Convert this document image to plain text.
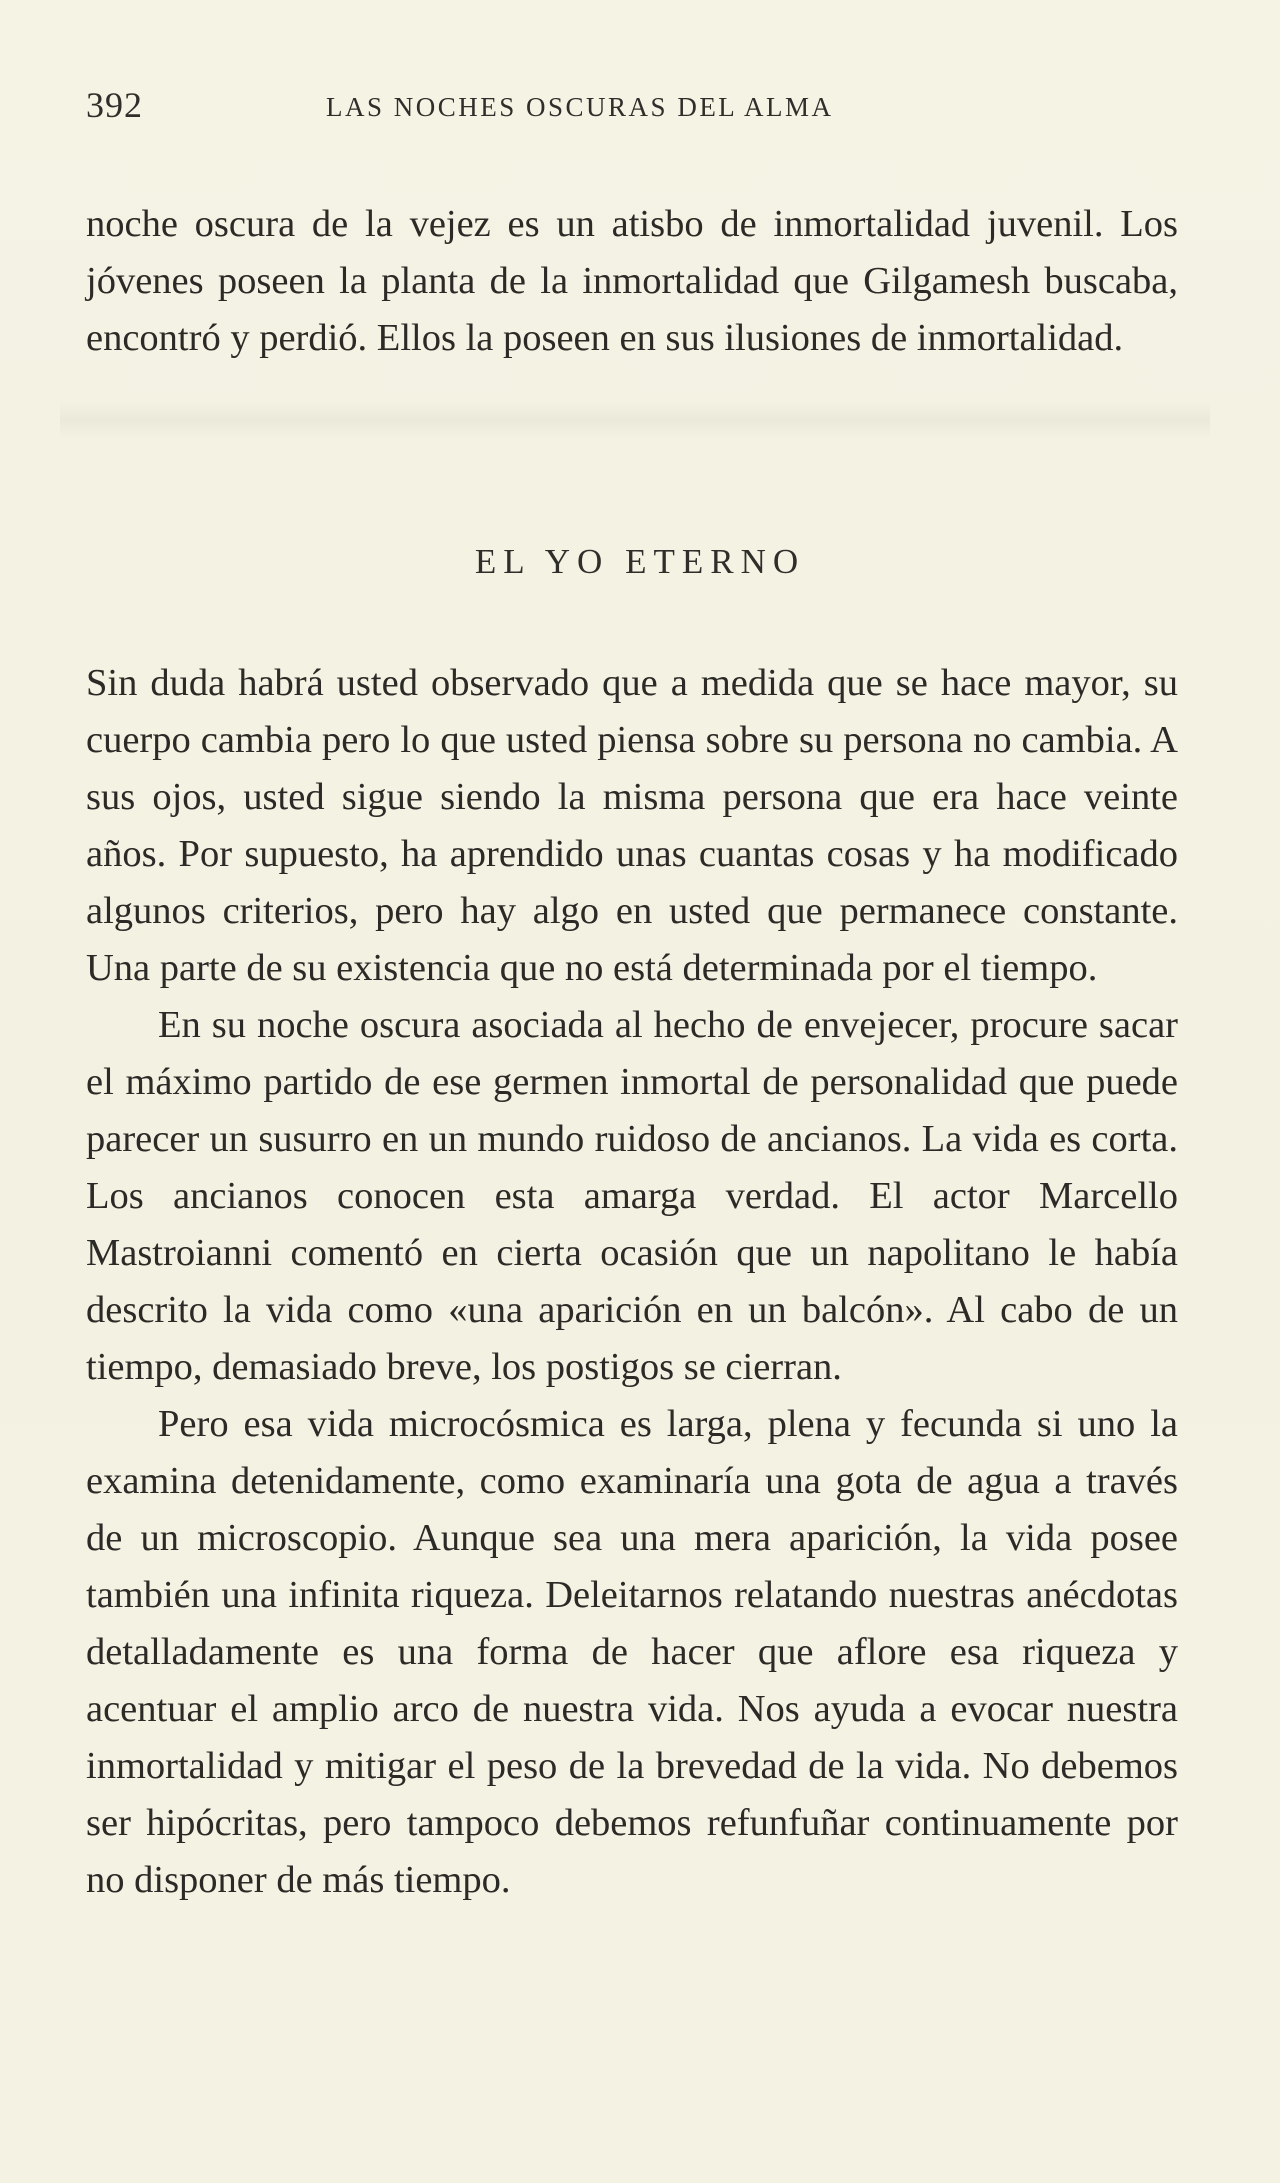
392	LAS NOCHES OSCURAS DEL ALMA

noche oscura de la vejez es un atisbo de inmortalidad juvenil. Los jóvenes poseen la planta de la inmortalidad que Gilgamesh buscaba, encontró y perdió. Ellos la poseen en sus ilusiones de inmortalidad.

EL YO ETERNO

Sin duda habrá usted observado que a medida que se hace mayor, su cuerpo cambia pero lo que usted piensa sobre su persona no cambia. A sus ojos, usted sigue siendo la misma persona que era hace veinte años. Por supuesto, ha aprendido unas cuantas cosas y ha modificado algunos criterios, pero hay algo en usted que permanece constante. Una parte de su existencia que no está determinada por el tiempo.

En su noche oscura asociada al hecho de envejecer, procure sacar el máximo partido de ese germen inmortal de personalidad que puede parecer un susurro en un mundo ruidoso de ancianos. La vida es corta. Los ancianos conocen esta amarga verdad. El actor Marcello Mastroianni comentó en cierta ocasión que un napolitano le había descrito la vida como «una aparición en un balcón». Al cabo de un tiempo, demasiado breve, los postigos se cierran.

Pero esa vida microcósmica es larga, plena y fecunda si uno la examina detenidamente, como examinaría una gota de agua a través de un microscopio. Aunque sea una mera aparición, la vida posee también una infinita riqueza. Deleitarnos relatando nuestras anécdotas detalladamente es una forma de hacer que aflore esa riqueza y acentuar el amplio arco de nuestra vida. Nos ayuda a evocar nuestra inmortalidad y mitigar el peso de la brevedad de la vida. No debemos ser hipócritas, pero tampoco debemos refunfuñar continuamente por no disponer de más tiempo.
